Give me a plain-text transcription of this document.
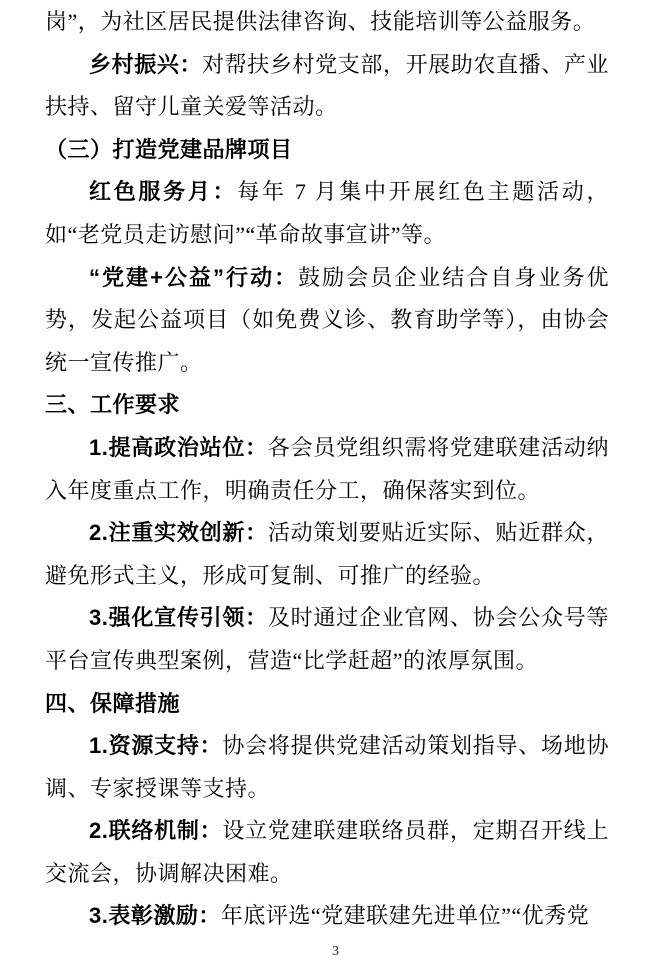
岗”，为社区居民提供法律咨询、技能培训等公益服务。

乡村振兴：对帮扶乡村党支部，开展助农直播、产业扶持、留守儿童关爱等活动。

（三）打造党建品牌项目

红色服务月：每年 7 月集中开展红色主题活动，如“老党员走访慰问”“革命故事宣讲”等。

“党建+公益”行动：鼓励会员企业结合自身业务优势，发起公益项目（如免费义诊、教育助学等），由协会统一宣传推广。

三、工作要求

1.提高政治站位：各会员党组织需将党建联建活动纳入年度重点工作，明确责任分工，确保落实到位。

2.注重实效创新：活动策划要贴近实际、贴近群众，避免形式主义，形成可复制、可推广的经验。

3.强化宣传引领：及时通过企业官网、协会公众号等平台宣传典型案例，营造“比学赶超”的浓厚氛围。

四、保障措施

1.资源支持：协会将提供党建活动策划指导、场地协调、专家授课等支持。

2.联络机制：设立党建联建联络员群，定期召开线上交流会，协调解决困难。

3.表彰激励：年底评选“党建联建先进单位”“优秀党

3
